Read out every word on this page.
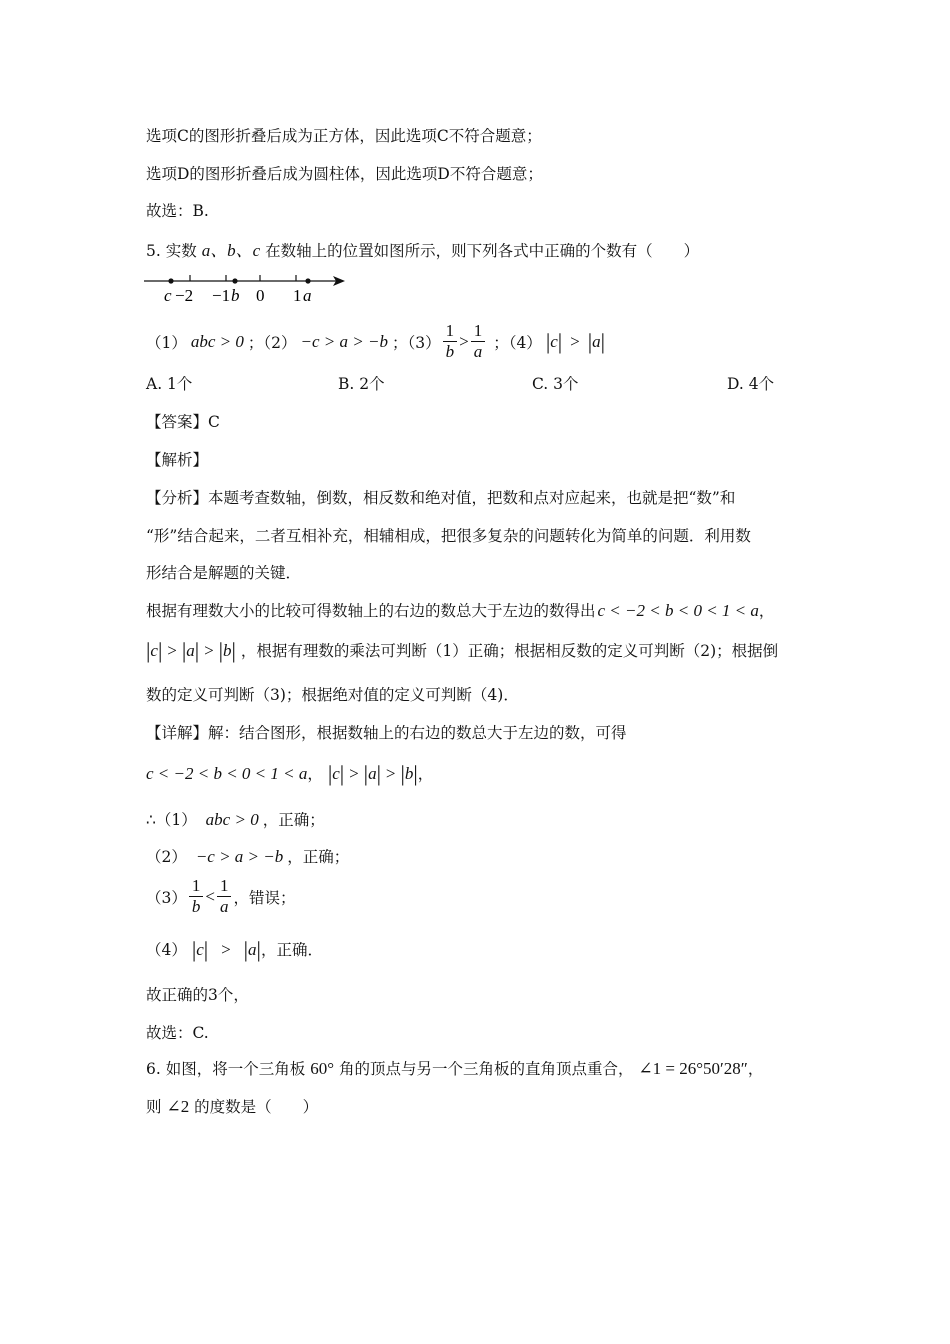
选项C的图形折叠后成为正方体，因此选项C不符合题意；
选项D的图形折叠后成为圆柱体，因此选项D不符合题意；
故选：B.
5. 实数 a、b、c 在数轴上的位置如图所示，则下列各式中正确的个数有（　　）
c −2 −1 b 0 1 a
（1） abc > 0 ；（2） −c > a > −b ；$(3) \frac{1}{b} > \frac{1}{a}$ ；（4） |c| > |a|
A. 1个	B. 2个	C. 3个	D. 4个
【答案】C
【解析】
【分析】本题考查数轴，倒数，相反数和绝对值，把数和点对应起来，也就是把“数”和
“形”结合起来，二者互相补充，相辅相成，把很多复杂的问题转化为简单的问题．利用数
形结合是解题的关键．
根据有理数大小的比较可得数轴上的右边的数总大于左边的数得出 c < −2 < b < 0 < 1 < a，
|c| > |a| > |b| ，根据有理数的乘法可判断（1）正确；根据相反数的定义可判断（2)；根据倒
数的定义可判断（3)；根据绝对值的定义可判断（4)．
【详解】解：结合图形，根据数轴上的右边的数总大于左边的数，可得
c < −2 < b < 0 < 1 < a， |c| > |a| > |b|，
∴（1） abc > 0 ，正确；
（2） −c > a > −b ，正确；
$(3) \frac{1}{b} < \frac{1}{a}$ ，错误；
（4） |c| > |a|，正确．
故正确的3个，
故选：C.
6. 如图，将一个三角板 60° 角的顶点与另一个三角板的直角顶点重合， ∠1 = 26°50′28″，
则 ∠2 的度数是（　　）
